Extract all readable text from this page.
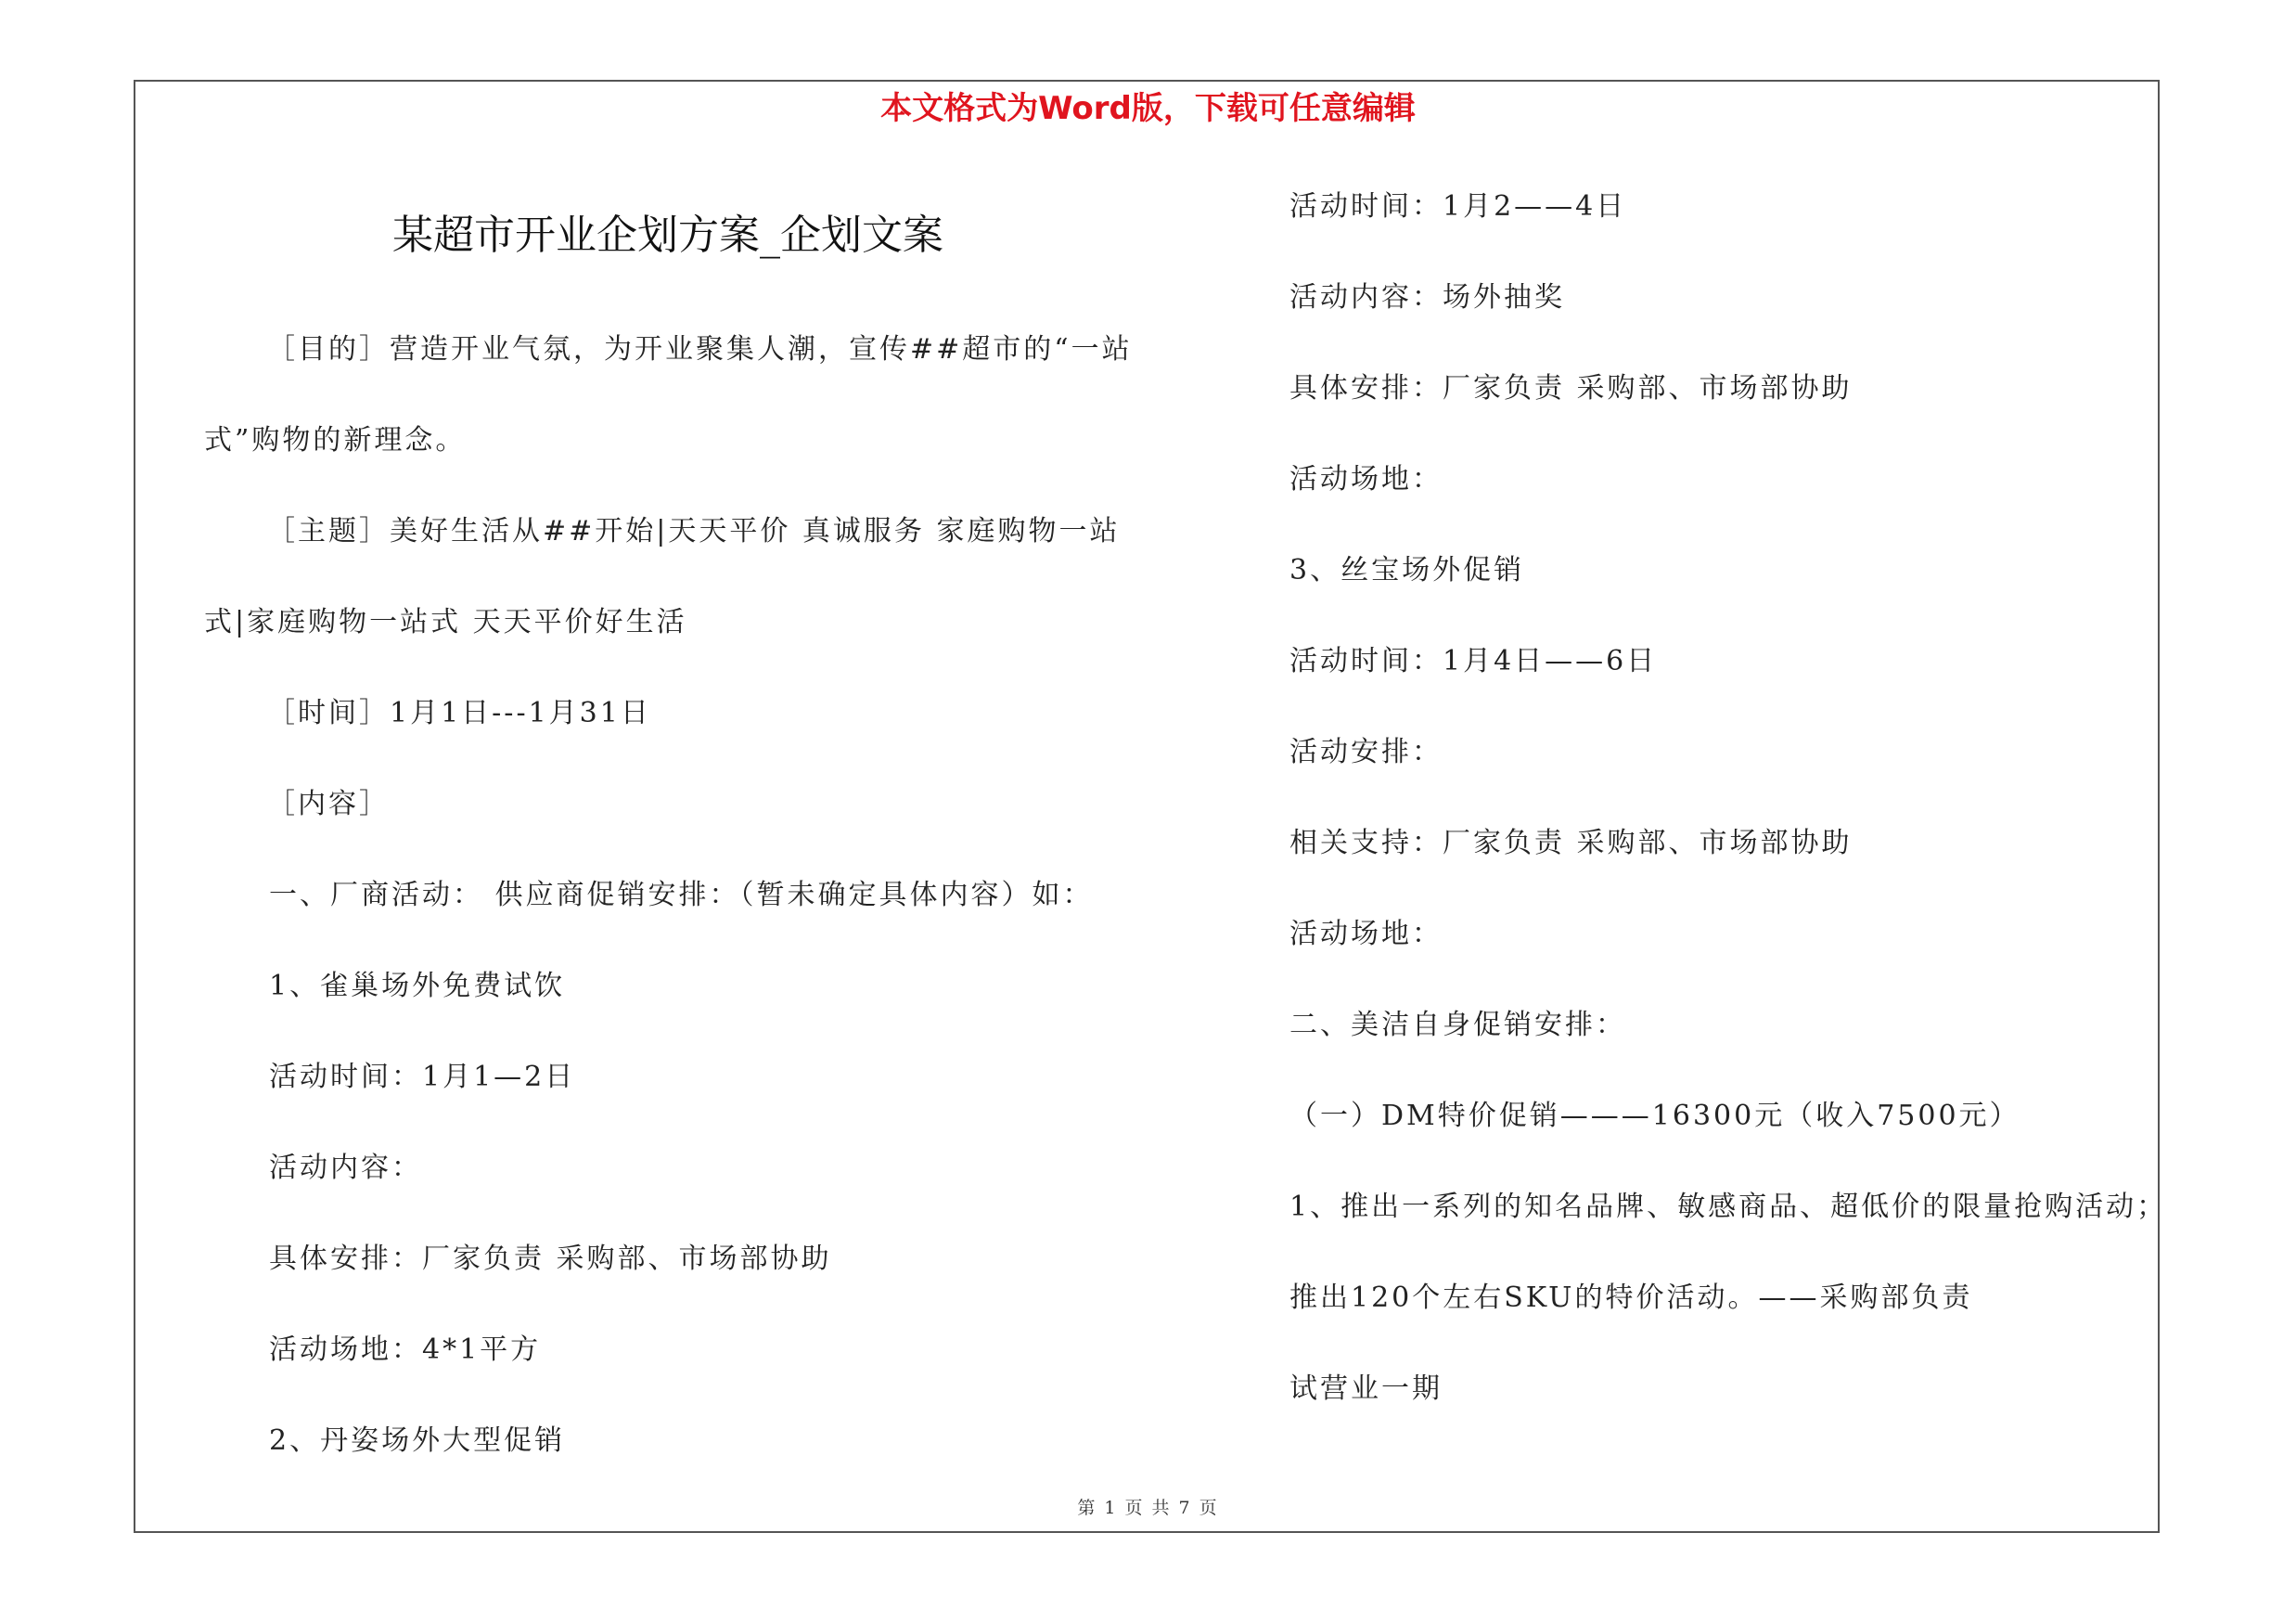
本文格式为Word版，下载可任意编辑
某超市开业企划方案_企划文案

［目的］营造开业气氛，为开业聚集人潮，宣传##超市的“一站

式”购物的新理念。

［主题］美好生活从##开始|天天平价 真诚服务 家庭购物一站

式|家庭购物一站式 天天平价好生活

［时间］1月1日---1月31日

［内容］

一、厂商活动： 供应商促销安排：（暂未确定具体内容）如：

1、雀巢场外免费试饮

活动时间：1月1—2日

活动内容：

具体安排：厂家负责 采购部、市场部协助

活动场地：4*1平方

2、丹姿场外大型促销

活动时间：1月2——4日

活动内容：场外抽奖

具体安排：厂家负责 采购部、市场部协助

活动场地：

3、丝宝场外促销

活动时间：1月4日——6日

活动安排：

相关支持：厂家负责 采购部、市场部协助

活动场地：

二、美洁自身促销安排：

（一）DM特价促销———16300元（收入7500元）

1、推出一系列的知名品牌、敏感商品、超低价的限量抢购活动；

推出120个左右SKU的特价活动。——采购部负责

试营业一期

第 1 页 共 7 页
